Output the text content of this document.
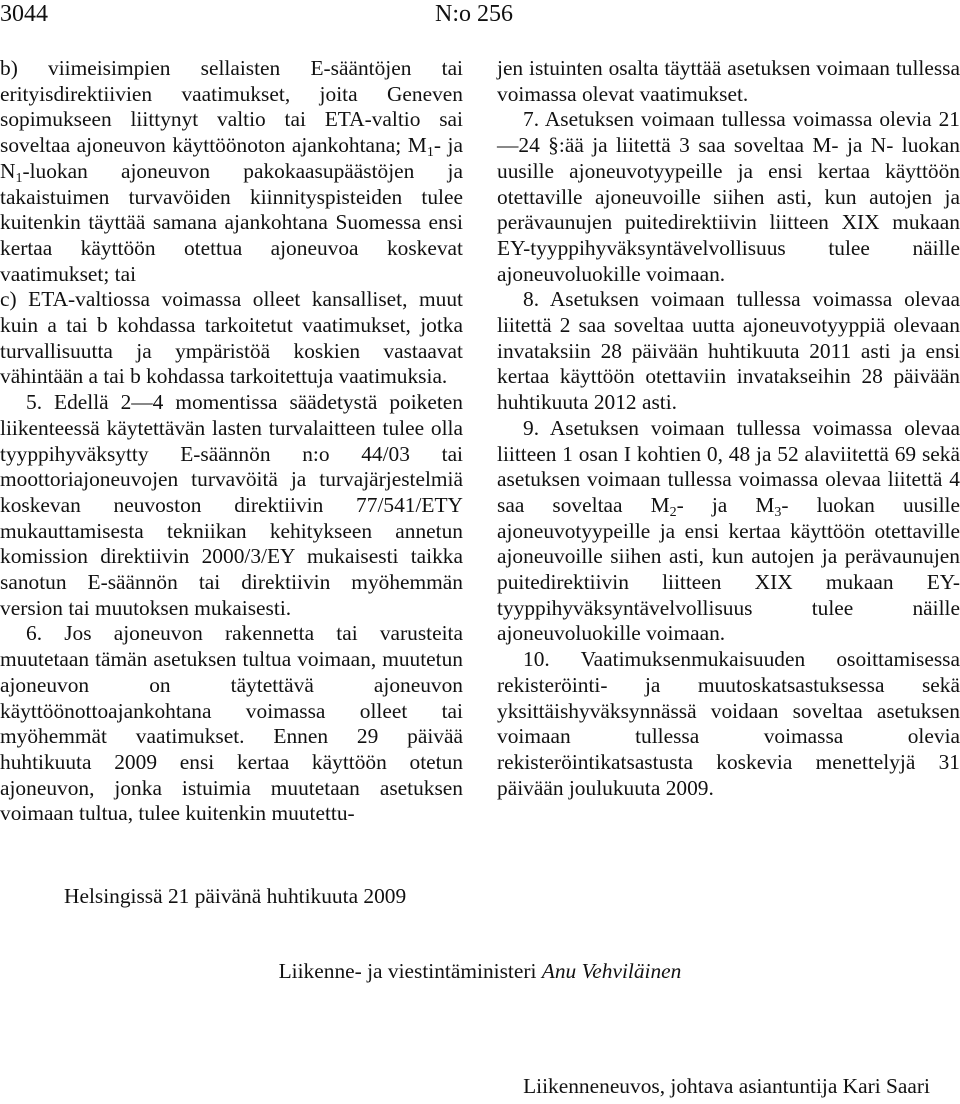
3044	N:o 256

b) viimeisimpien sellaisten E-sääntöjen tai erityisdirektiivien vaatimukset, joita Geneven sopimukseen liittynyt valtio tai ETA-valtio sai soveltaa ajoneuvon käyttöönoton ajankohtana; $M_1-$ ja $N_1$-luokan ajoneuvon pakokaasupäästöjen ja takaistuimen turvavöiden kiinnityspisteiden tulee kuitenkin täyttää samana ajankohtana Suomessa ensi kertaa käyttöön otettua ajoneuvoa koskevat vaatimukset; tai

c) ETA-valtiossa voimassa olleet kansalliset, muut kuin a tai b kohdassa tarkoitetut vaatimukset, jotka turvallisuutta ja ympäristöä koskien vastaavat vähintään a tai b kohdassa tarkoitettuja vaatimuksia.

5. Edellä 2—4 momentissa säädetystä poiketen liikenteessä käytettävän lasten turvalaitteen tulee olla tyyppihyväksytty E-säännön n:o 44/03 tai moottoriajoneuvojen turvavöitä ja turvajärjestelmiä koskevan neuvoston direktiivin 77/541/ETY mukauttamisesta tekniikan kehitykseen annetun komission direktiivin 2000/3/EY mukaisesti taikka sanotun E-säännön tai direktiivin myöhemmän version tai muutoksen mukaisesti.

6. Jos ajoneuvon rakennetta tai varusteita muutetaan tämän asetuksen tultua voimaan, muutetun ajoneuvon on täytettävä ajoneuvon käyttöönottoajankohtana voimassa olleet tai myöhemmät vaatimukset. Ennen 29 päivää huhtikuuta 2009 ensi kertaa käyttöön otetun ajoneuvon, jonka istuimia muutetaan asetuksen voimaan tultua, tulee kuitenkin muutettu-

jen istuinten osalta täyttää asetuksen voimaan tullessa voimassa olevat vaatimukset.

7. Asetuksen voimaan tullessa voimassa olevia 21—24 §:ää ja liitettä 3 saa soveltaa M- ja N- luokan uusille ajoneuvotyypeille ja ensi kertaa käyttöön otettaville ajoneuvoille siihen asti, kun autojen ja perävaunujen puitedirektiivin liitteen XIX mukaan EY-tyyppihyväksyntävelvollisuus tulee näille ajoneuvoluokille voimaan.

8. Asetuksen voimaan tullessa voimassa olevaa liitettä 2 saa soveltaa uutta ajoneuvotyyppiä olevaan invataksiin 28 päivään huhtikuuta 2011 asti ja ensi kertaa käyttöön otettaviin invatakseihin 28 päivään huhtikuuta 2012 asti.

9. Asetuksen voimaan tullessa voimassa olevaa liitteen 1 osan I kohtien 0, 48 ja 52 alaviitettä 69 sekä asetuksen voimaan tullessa voimassa olevaa liitettä 4 saa soveltaa $M_2-$ ja $M_3-$ luokan uusille ajoneuvotyypeille ja ensi kertaa käyttöön otettaville ajoneuvoille siihen asti, kun autojen ja perävaunujen puitedirektiivin liitteen XIX mukaan EY-tyyppihyväksyntävelvollisuus tulee näille ajoneuvoluokille voimaan.

10. Vaatimuksenmukaisuuden osoittamisessa rekisteröinti- ja muutoskatsastuksessa sekä yksittäishyväksynnässä voidaan soveltaa asetuksen voimaan tullessa voimassa olevia rekisteröintikatsastusta koskevia menettelyjä 31 päivään joulukuuta 2009.

Helsingissä 21 päivänä huhtikuuta 2009
Liikenne- ja viestintäministeri Anu Vehviläinen
Liikenneneuvos, johtava asiantuntija Kari Saari
